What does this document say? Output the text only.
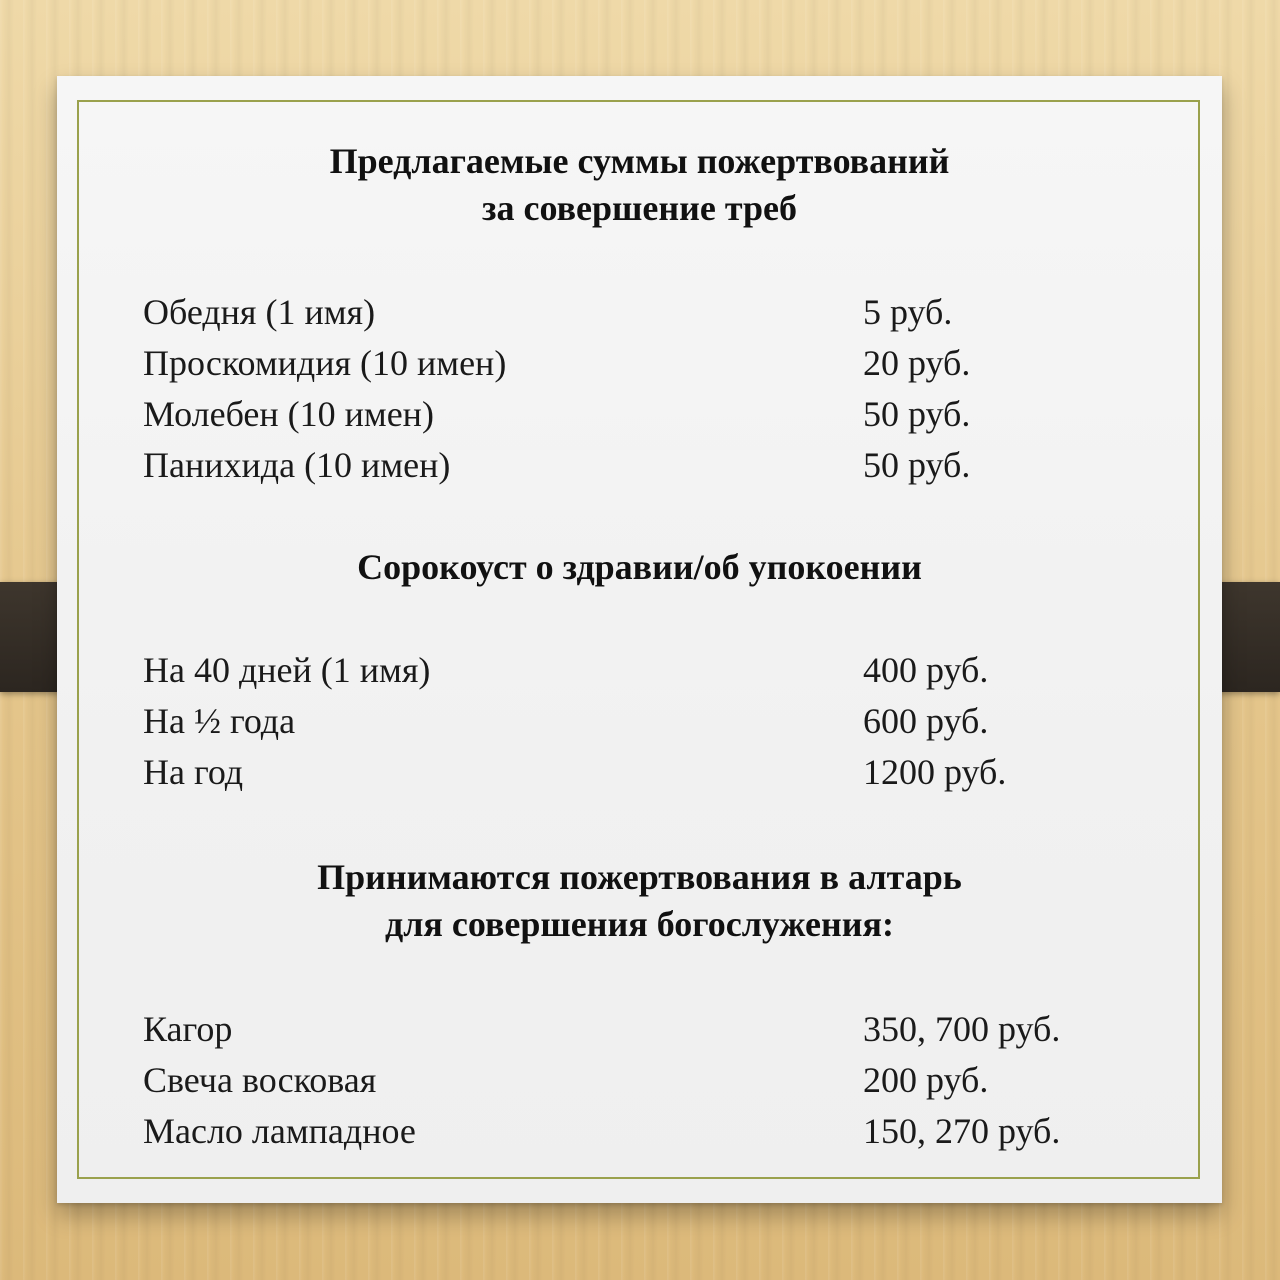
Предлагаемые суммы пожертвований
за совершение треб
Обедня (1 имя)	5 руб.
Проскомидия (10 имен)	20 руб.
Молебен (10 имен)	50 руб.
Панихида (10 имен)	50 руб.
Сорокоуст о здравии/об упокоении
На 40 дней (1 имя)	400 руб.
На ½ года	600 руб.
На год	1200 руб.
Принимаются пожертвования в алтарь
для совершения богослужения:
Кагор	350, 700 руб.
Свеча восковая	200 руб.
Масло лампадное	150, 270 руб.
